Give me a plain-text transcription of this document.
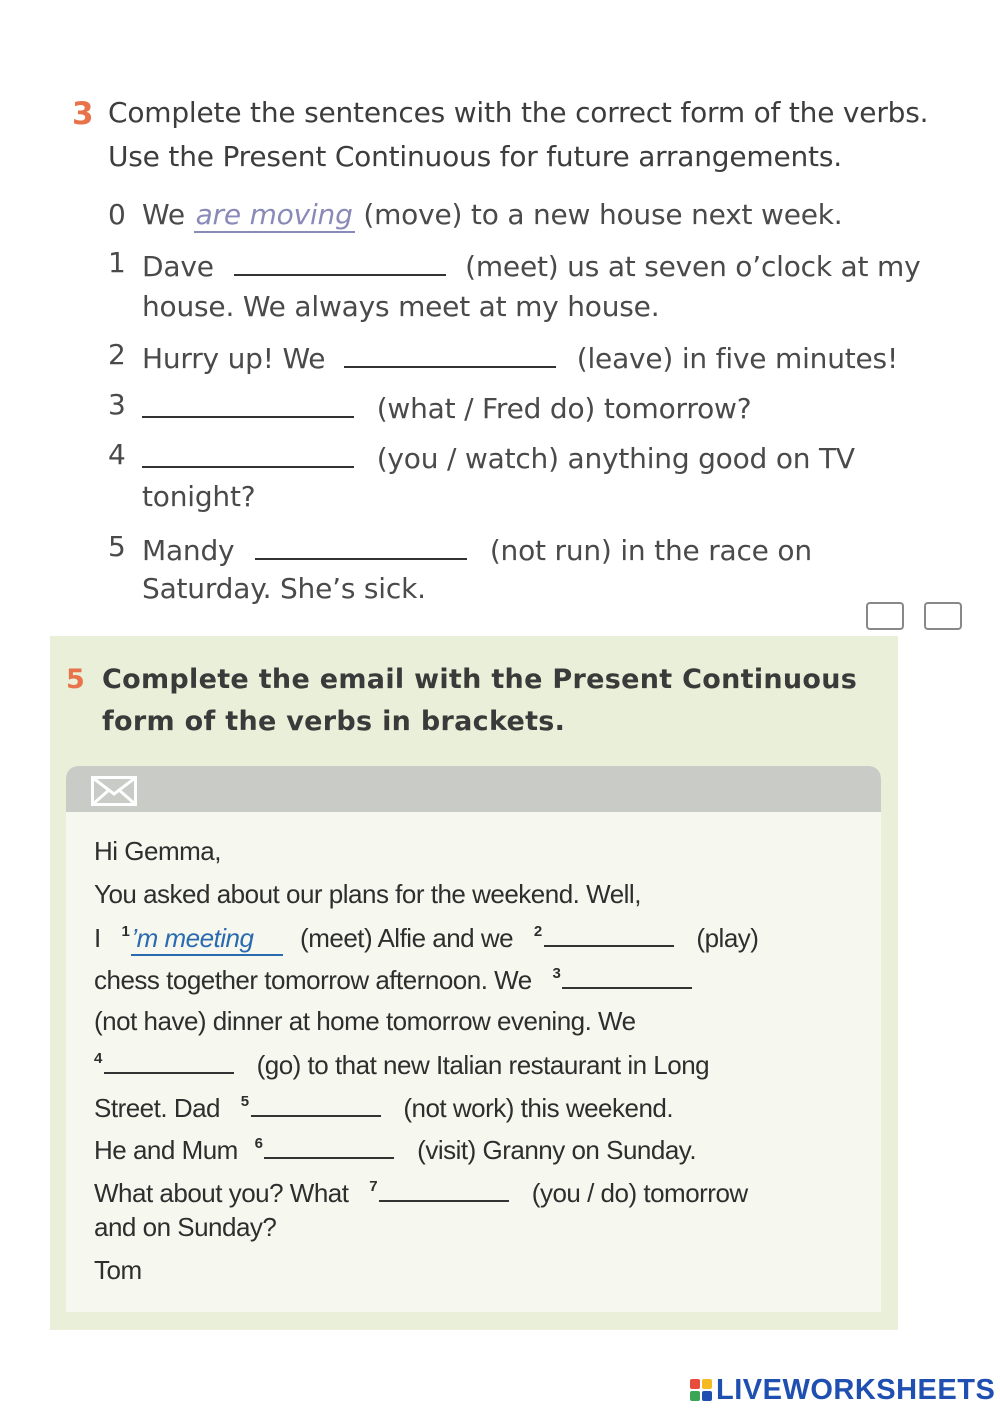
3 Complete the sentences with the correct form of the verbs.
Use the Present Continuous for future arrangements.
0 We are moving (move) to a new house next week.
1 Dave	(meet) us at seven o’clock at my
house. We always meet at my house.
2 Hurry up! We	(leave) in five minutes!
3	(what / Fred do) tomorrow?
4	(you / watch) anything good on TV
tonight?
5 Mandy	(not run) in the race on
Saturday. She’s sick.
5 Complete the email with the Present Continuous
form of the verbs in brackets.
Hi Gemma,
You asked about our plans for the weekend. Well,
I $^1$’m meeting (meet) Alfie and we $^2$	(play)
chess together tomorrow afternoon. We $^3$
(not have) dinner at home tomorrow evening. We
$^4$	(go) to that new Italian restaurant in Long
Street. Dad $^5$	(not work) this weekend.
He and Mum $^6$	(visit) Granny on Sunday.
What about you? What $^7$	(you / do) tomorrow
and on Sunday?
Tom
LIVEWORKSHEETS
